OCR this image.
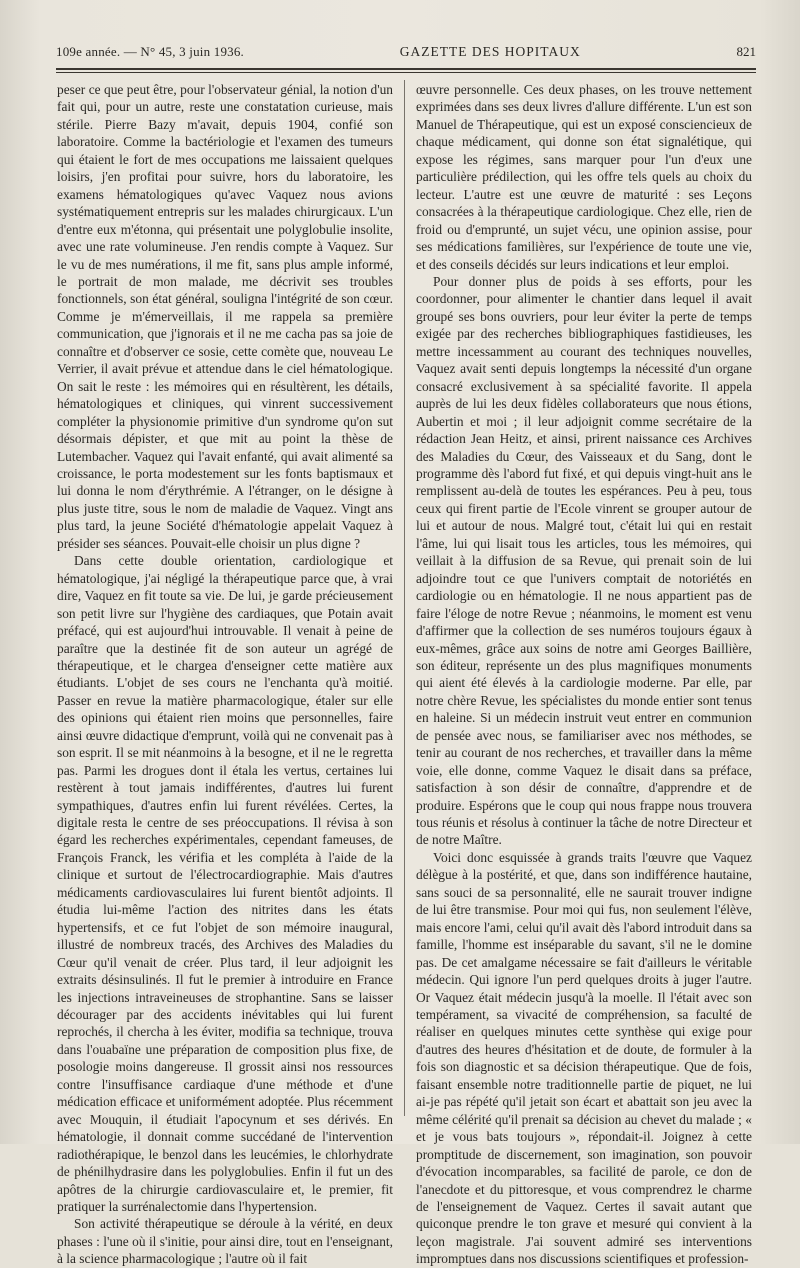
109e année. — N° 45, 3 juin 1936.	GAZETTE DES HOPITAUX	821

peser ce que peut être, pour l'observateur génial, la notion d'un fait qui, pour un autre, reste une constatation curieuse, mais stérile. Pierre Bazy m'avait, depuis 1904, confié son laboratoire. Comme la bactériologie et l'examen des tumeurs qui étaient le fort de mes occupations me laissaient quelques loisirs, j'en profitai pour suivre, hors du laboratoire, les examens hématologiques qu'avec Vaquez nous avions systématiquement entrepris sur les malades chirurgicaux. L'un d'entre eux m'étonna, qui présentait une polyglobulie insolite, avec une rate volumineuse. J'en rendis compte à Vaquez. Sur le vu de mes numérations, il me fit, sans plus ample informé, le portrait de mon malade, me décrivit ses troubles fonctionnels, son état général, souligna l'intégrité de son cœur. Comme je m'émerveillais, il me rappela sa première communication, que j'ignorais et il ne me cacha pas sa joie de connaître et d'observer ce sosie, cette comète que, nouveau Le Verrier, il avait prévue et attendue dans le ciel hématologique. On sait le reste : les mémoires qui en résultèrent, les détails, hématologiques et cliniques, qui vinrent successivement compléter la physionomie primitive d'un syndrome qu'on sut désormais dépister, et que mit au point la thèse de Lutembacher. Vaquez qui l'avait enfanté, qui avait alimenté sa croissance, le porta modestement sur les fonts baptismaux et lui donna le nom d'érythrémie. A l'étranger, on le désigne à plus juste titre, sous le nom de maladie de Vaquez. Vingt ans plus tard, la jeune Société d'hématologie appelait Vaquez à présider ses séances. Pouvait-elle choisir un plus digne ?

Dans cette double orientation, cardiologique et hématologique, j'ai négligé la thérapeutique parce que, à vrai dire, Vaquez en fit toute sa vie. De lui, je garde précieusement son petit livre sur l'hygiène des cardiaques, que Potain avait préfacé, qui est aujourd'hui introuvable. Il venait à peine de paraître que la destinée fit de son auteur un agrégé de thérapeutique, et le chargea d'enseigner cette matière aux étudiants. L'objet de ses cours ne l'enchanta qu'à moitié. Passer en revue la matière pharmacologique, étaler sur elle des opinions qui étaient rien moins que personnelles, faire ainsi œuvre didactique d'emprunt, voilà qui ne convenait pas à son esprit. Il se mit néanmoins à la besogne, et il ne le regretta pas. Parmi les drogues dont il étala les vertus, certaines lui restèrent à tout jamais indifférentes, d'autres lui furent sympathiques, d'autres enfin lui furent révélées. Certes, la digitale resta le centre de ses préoccupations. Il révisa à son égard les recherches expérimentales, cependant fameuses, de François Franck, les vérifia et les compléta à l'aide de la clinique et surtout de l'électrocardiographie. Mais d'autres médicaments cardiovasculaires lui furent bientôt adjoints. Il étudia lui-même l'action des nitrites dans les états hypertensifs, et ce fut l'objet de son mémoire inaugural, illustré de nombreux tracés, des Archives des Maladies du Cœur qu'il venait de créer. Plus tard, il leur adjoignit les extraits désinsulinés. Il fut le premier à introduire en France les injections intraveineuses de strophantine. Sans se laisser décourager par des accidents inévitables qui lui furent reprochés, il chercha à les éviter, modifia sa technique, trouva dans l'ouabaïne une préparation de composition plus fixe, de posologie moins dangereuse. Il grossit ainsi nos ressources contre l'insuffisance cardiaque d'une méthode et d'une médication efficace et uniformément adoptée. Plus récemment avec Mouquin, il étudiait l'apocynum et ses dérivés. En hématologie, il donnait comme succédané de l'intervention radiothérapique, le benzol dans les leucémies, le chlorhydrate de phénilhydrasire dans les polyglobulies. Enfin il fut un des apôtres de la chirurgie cardiovasculaire et, le premier, fit pratiquer la surrénalectomie dans l'hypertension.

Son activité thérapeutique se déroule à la vérité, en deux phases : l'une où il s'initie, pour ainsi dire, tout en l'enseignant, à la science pharmacologique ; l'autre où il fait

œuvre personnelle. Ces deux phases, on les trouve nettement exprimées dans ses deux livres d'allure différente. L'un est son Manuel de Thérapeutique, qui est un exposé consciencieux de chaque médicament, qui donne son état signalétique, qui expose les régimes, sans marquer pour l'un d'eux une particulière prédilection, qui les offre tels quels au choix du lecteur. L'autre est une œuvre de maturité : ses Leçons consacrées à la thérapeutique cardiologique. Chez elle, rien de froid ou d'emprunté, un sujet vécu, une opinion assise, pour ses médications familières, sur l'expérience de toute une vie, et des conseils décidés sur leurs indications et leur emploi.

Pour donner plus de poids à ses efforts, pour les coordonner, pour alimenter le chantier dans lequel il avait groupé ses bons ouvriers, pour leur éviter la perte de temps exigée par des recherches bibliographiques fastidieuses, les mettre incessamment au courant des techniques nouvelles, Vaquez avait senti depuis longtemps la nécessité d'un organe consacré exclusivement à sa spécialité favorite. Il appela auprès de lui les deux fidèles collaborateurs que nous étions, Aubertin et moi ; il leur adjoignit comme secrétaire de la rédaction Jean Heitz, et ainsi, prirent naissance ces Archives des Maladies du Cœur, des Vaisseaux et du Sang, dont le programme dès l'abord fut fixé, et qui depuis vingt-huit ans le remplissent au-delà de toutes les espérances. Peu à peu, tous ceux qui firent partie de l'Ecole vinrent se grouper autour de lui et autour de nous. Malgré tout, c'était lui qui en restait l'âme, lui qui lisait tous les articles, tous les mémoires, qui veillait à la diffusion de sa Revue, qui prenait soin de lui adjoindre tout ce que l'univers comptait de notoriétés en cardiologie ou en hématologie. Il ne nous appartient pas de faire l'éloge de notre Revue ; néanmoins, le moment est venu d'affirmer que la collection de ses numéros toujours égaux à eux-mêmes, grâce aux soins de notre ami Georges Baillière, son éditeur, représente un des plus magnifiques monuments qui aient été élevés à la cardiologie moderne. Par elle, par notre chère Revue, les spécialistes du monde entier sont tenus en haleine. Si un médecin instruit veut entrer en communion de pensée avec nous, se familiariser avec nos méthodes, se tenir au courant de nos recherches, et travailler dans la même voie, elle donne, comme Vaquez le disait dans sa préface, satisfaction à son désir de connaître, d'apprendre et de produire. Espérons que le coup qui nous frappe nous trouvera tous réunis et résolus à continuer la tâche de notre Directeur et de notre Maître.

Voici donc esquissée à grands traits l'œuvre que Vaquez délègue à la postérité, et que, dans son indifférence hautaine, sans souci de sa personnalité, elle ne saurait trouver indigne de lui être transmise. Pour moi qui fus, non seulement l'élève, mais encore l'ami, celui qu'il avait dès l'abord introduit dans sa famille, l'homme est inséparable du savant, s'il ne le domine pas. De cet amalgame nécessaire se fait d'ailleurs le véritable médecin. Qui ignore l'un perd quelques droits à juger l'autre. Or Vaquez était médecin jusqu'à la moelle. Il l'était avec son tempérament, sa vivacité de compréhension, sa faculté de réaliser en quelques minutes cette synthèse qui exige pour d'autres des heures d'hésitation et de doute, de formuler à la fois son diagnostic et sa décision thérapeutique. Que de fois, faisant ensemble notre traditionnelle partie de piquet, ne lui ai-je pas répété qu'il jetait son écart et abattait son jeu avec la même célérité qu'il prenait sa décision au chevet du malade ; « et je vous bats toujours », répondait-il. Joignez à cette promptitude de discernement, son imagination, son pouvoir d'évocation incomparables, sa facilité de parole, ce don de l'anecdote et du pittoresque, et vous comprendrez le charme de l'enseignement de Vaquez. Certes il savait autant que quiconque prendre le ton grave et mesuré qui convient à la leçon magistrale. J'ai souvent admiré ses interventions impromptues dans nos discussions scientifiques et profession-
